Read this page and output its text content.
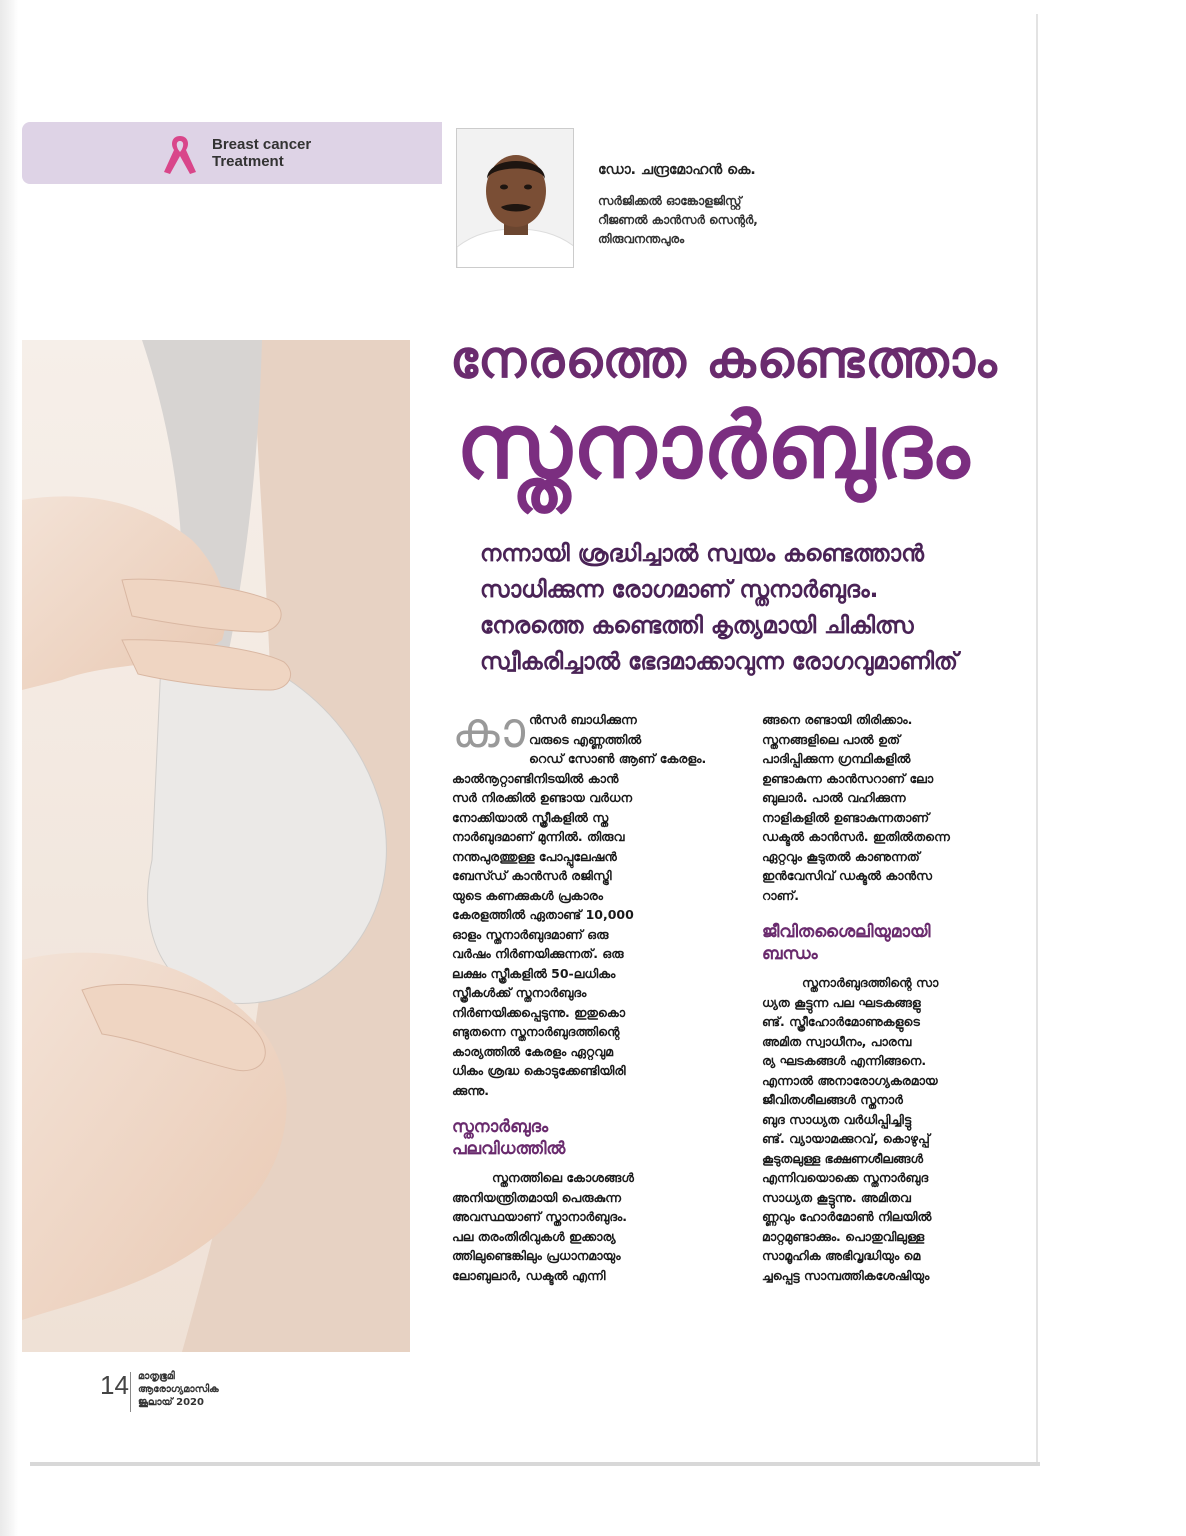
Breast cancer
Treatment	ഡോ. ചന്ദ്രമോഹൻ കെ.
സർജിക്കൽ ഓങ്കോളജിസ്റ്റ്
റീജണൽ കാൻസർ സെന്റർ,
തിരുവനന്തപുരം
നേരത്തെ കണ്ടെത്താം
സ്തനാർബുദം
നന്നായി ശ്രദ്ധിച്ചാൽ സ്വയം കണ്ടെത്താൻ
സാധിക്കുന്ന രോഗമാണ് സ്തനാർബുദം.
നേരത്തെ കണ്ടെത്തി കൃത്യമായി ചികിത്സ
സ്വീകരിച്ചാൽ ഭേദമാക്കാവുന്ന രോഗവുമാണിത്
കാ ൻസർ ബാധിക്കുന്ന
വരുടെ എണ്ണത്തിൽ
റെഡ് സോൺ ആണ് കേരളം.
കാൽനൂറ്റാണ്ടിനിടയിൽ കാൻ
സർ നിരക്കിൽ ഉണ്ടായ വർധന
നോക്കിയാൽ സ്ത്രീകളിൽ സ്ത
നാർബുദമാണ് മുന്നിൽ. തിരുവ
നന്തപുരത്തുള്ള പോപ്പുലേഷൻ
ബേസ്ഡ് കാൻസർ രജിസ്ട്രി
യുടെ കണക്കുകൾ പ്രകാരം
കേരളത്തിൽ ഏതാണ്ട് 10,000
ഓളം സ്തനാർബുദമാണ് ഒരു
വർഷം നിർണയിക്കുന്നത്. ഒരു
ലക്ഷം സ്ത്രീകളിൽ 50-ലധികം
സ്ത്രീകൾക്ക് സ്തനാർബുദം
നിർണയിക്കപ്പെടുന്നു. ഇതുകൊ
ണ്ടുതന്നെ സ്തനാർബുദത്തിന്റെ
കാര്യത്തിൽ കേരളം ഏറ്റവുമ
ധികം ശ്രദ്ധ കൊടുക്കേണ്ടിയിരി
ക്കുന്നു.
സ്തനാർബുദം
പലവിധത്തിൽ
സ്തനത്തിലെ കോശങ്ങൾ
അനിയന്ത്രിതമായി പെരുകുന്ന
അവസ്ഥയാണ് സ്താനാർബുദം.
പല തരംതിരിവുകൾ ഇക്കാര്യ
ത്തിലുണ്ടെങ്കിലും പ്രധാനമായും
ലോബുലാർ, ഡക്ടൽ എന്നി
ങ്ങനെ രണ്ടായി തിരിക്കാം.
സ്തനങ്ങളിലെ പാൽ ഉത്
പാദിപ്പിക്കുന്ന ഗ്രന്ഥികളിൽ
ഉണ്ടാകുന്ന കാൻസറാണ് ലോ
ബുലാർ. പാൽ വഹിക്കുന്ന
നാളികളിൽ ഉണ്ടാകുന്നതാണ്
ഡക്ടൽ കാൻസർ. ഇതിൽതന്നെ
ഏറ്റവും കൂടുതൽ കാണുന്നത്
ഇൻവേസിവ് ഡക്ടൽ കാൻസ
റാണ്.
ജീവിതശൈലിയുമായി
ബന്ധം
സ്തനാർബുദത്തിന്റെ സാ
ധ്യത കൂട്ടുന്ന പല ഘടകങ്ങളു
ണ്ട്. സ്ത്രീഹോർമോണുകളുടെ
അമിത സ്വാധീനം, പാരമ്പ
ര്യ ഘടകങ്ങൾ എന്നിങ്ങനെ.
എന്നാൽ അനാരോഗ്യകരമായ
ജീവിതശീലങ്ങൾ സ്തനാർ
ബുദ സാധ്യത വർധിപ്പിച്ചിട്ടു
ണ്ട്. വ്യായാമക്കുറവ്, കൊഴുപ്പ്
കൂടുതലുള്ള ഭക്ഷണശീലങ്ങൾ
എന്നിവയൊക്കെ സ്തനാർബുദ
സാധ്യത കൂട്ടുന്നു. അമിതവ
ണ്ണവും ഹോർമോൺ നിലയിൽ
മാറ്റമുണ്ടാക്കും. പൊതുവിലുള്ള
സാമൂഹിക അഭിവൃദ്ധിയും മെ
ച്ചപ്പെട്ട സാമ്പത്തികശേഷിയും
14 മാതൃഭൂമി
ആരോഗ്യമാസിക
ജൂലായ് 2020
